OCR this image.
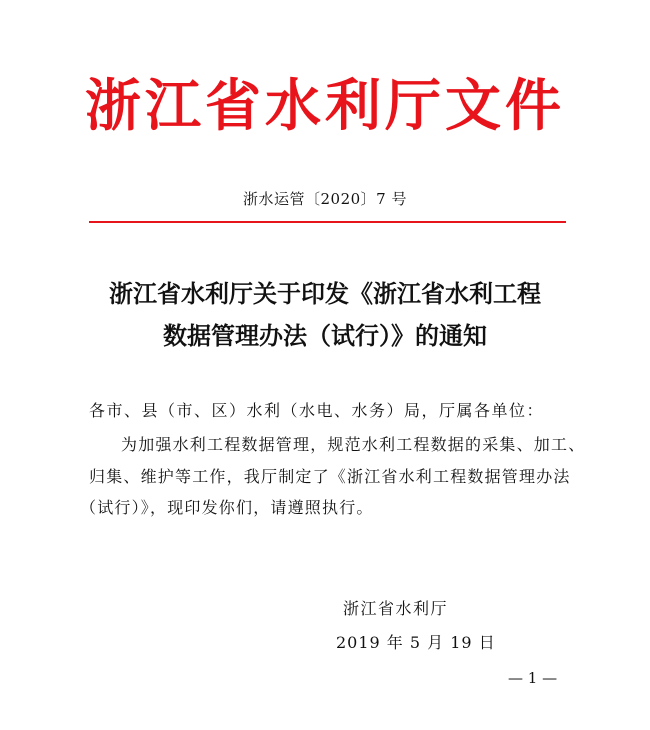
浙江省水利厅文件
浙水运管〔2020〕7 号
浙江省水利厅关于印发《浙江省水利工程
数据管理办法（试行）》的通知
各市、县（市、区）水利（水电、水务）局，厅属各单位：
为加强水利工程数据管理，规范水利工程数据的采集、加工、
归集、维护等工作，我厅制定了《浙江省水利工程数据管理办法
（试行）》，现印发你们，请遵照执行。
浙江省水利厅
2019 年 5 月 19 日
— 1 —
